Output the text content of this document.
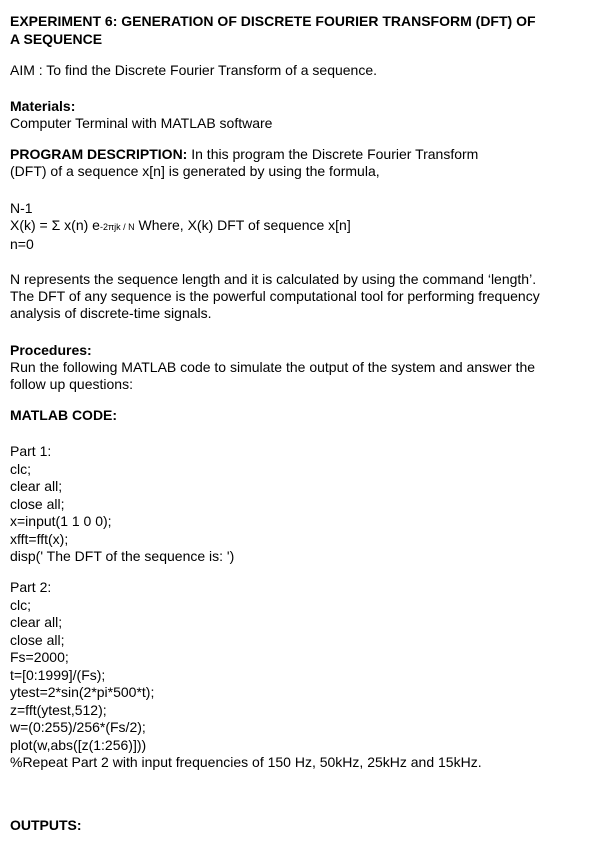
EXPERIMENT 6: GENERATION OF DISCRETE FOURIER TRANSFORM (DFT) OF
A SEQUENCE
AIM : To find the Discrete Fourier Transform of a sequence.
Materials:
Computer Terminal with MATLAB software
PROGRAM DESCRIPTION: In this program the Discrete Fourier Transform
(DFT) of a sequence x[n] is generated by using the formula,
N-1
X(k) = Σ x(n) e-2πjk / N Where, X(k) DFT of sequence x[n]
n=0
N represents the sequence length and it is calculated by using the command ‘length’.
The DFT of any sequence is the powerful computational tool for performing frequency
analysis of discrete-time signals.
Procedures:
Run the following MATLAB code to simulate the output of the system and answer the
follow up questions:
MATLAB CODE:
Part 1:
clc;
clear all;
close all;
x=input(1 1 0 0);
xfft=fft(x);
disp(' The DFT of the sequence is: ')
Part 2:
clc;
clear all;
close all;
Fs=2000;
t=[0:1999]/(Fs);
ytest=2*sin(2*pi*500*t);
z=fft(ytest,512);
w=(0:255)/256*(Fs/2);
plot(w,abs([z(1:256)]))
%Repeat Part 2 with input frequencies of 150 Hz, 50kHz, 25kHz and 15kHz.
OUTPUTS:
